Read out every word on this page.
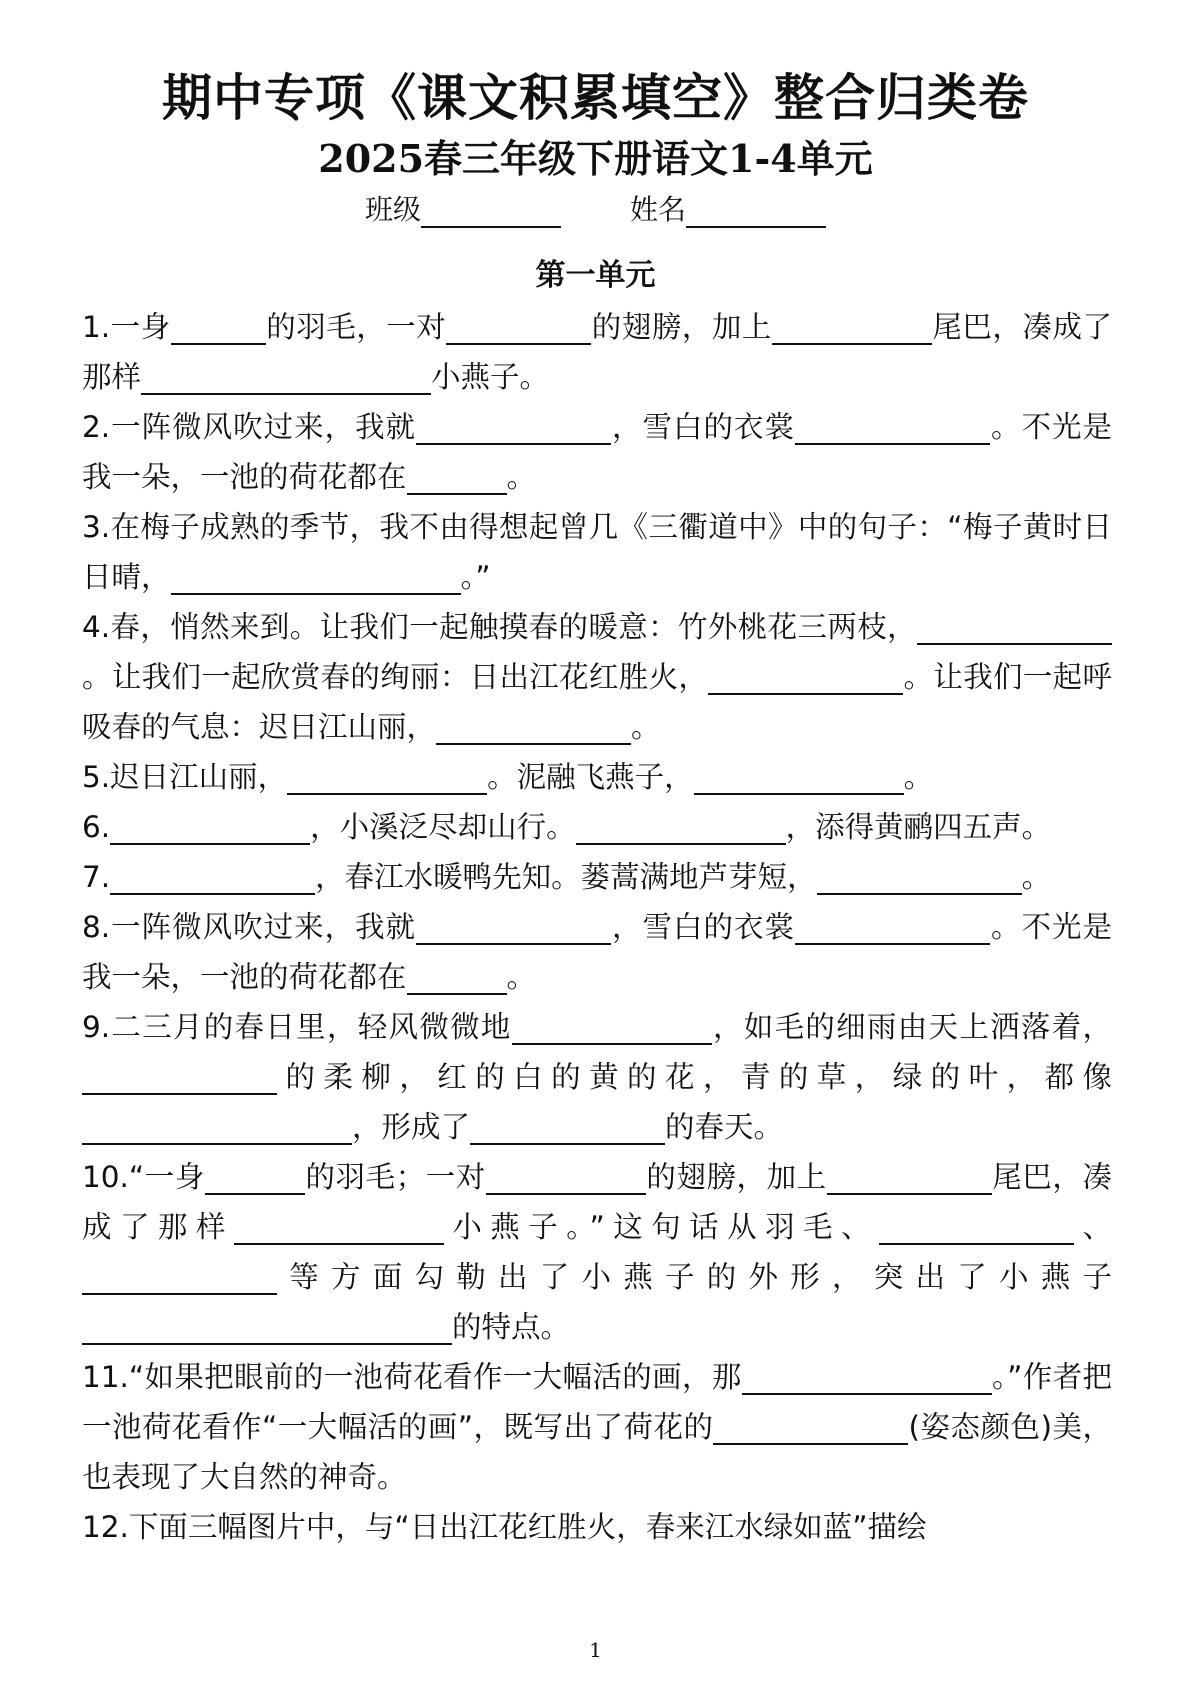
期中专项《课文积累填空》整合归类卷
2025春三年级下册语文1-4单元
班级	姓名
第一单元

1.一身	的羽毛，一对	的翅膀，加上	尾巴，凑成了那样	小燕子。

2.一阵微风吹过来，我就	，雪白的衣裳	。不光是我一朵，一池的荷花都在	。

3.在梅子成熟的季节，我不由得想起曾几《三衢道中》中的句子：“梅子黄时日日晴，	。”

4.春，悄然来到。让我们一起触摸春的暖意：竹外桃花三两枝，。让我们一起欣赏春的绚丽：日出江花红胜火，	。让我们一起呼吸春的气息：迟日江山丽，	。

5.迟日江山丽，	。泥融飞燕子，	。

6.	，小溪泛尽却山行。	，添得黄鹂四五声。

7.	，春江水暖鸭先知。蒌蒿满地芦芽短，	。

8.一阵微风吹过来，我就	，雪白的衣裳	。不光是我一朵，一池的荷花都在	。

9.二三月的春日里，轻风微微地	，如毛的细雨由天上洒落着，的柔柳，红的白的黄的花，青的草，绿的叶，都像，形成了	的春天。

10.“一身	的羽毛；一对	的翅膀，加上	尾巴，凑成了那样	小燕子。”这句话从羽毛、	、等方面勾勒出了小燕子的外形，突出了小燕子的特点。

11.“如果把眼前的一池荷花看作一大幅活的画，那	。”作者把一池荷花看作“一大幅活的画”，既写出了荷花的	(姿态颜色)美，也表现了大自然的神奇。

12.下面三幅图片中，与“日出江花红胜火，春来江水绿如蓝”描绘

1
